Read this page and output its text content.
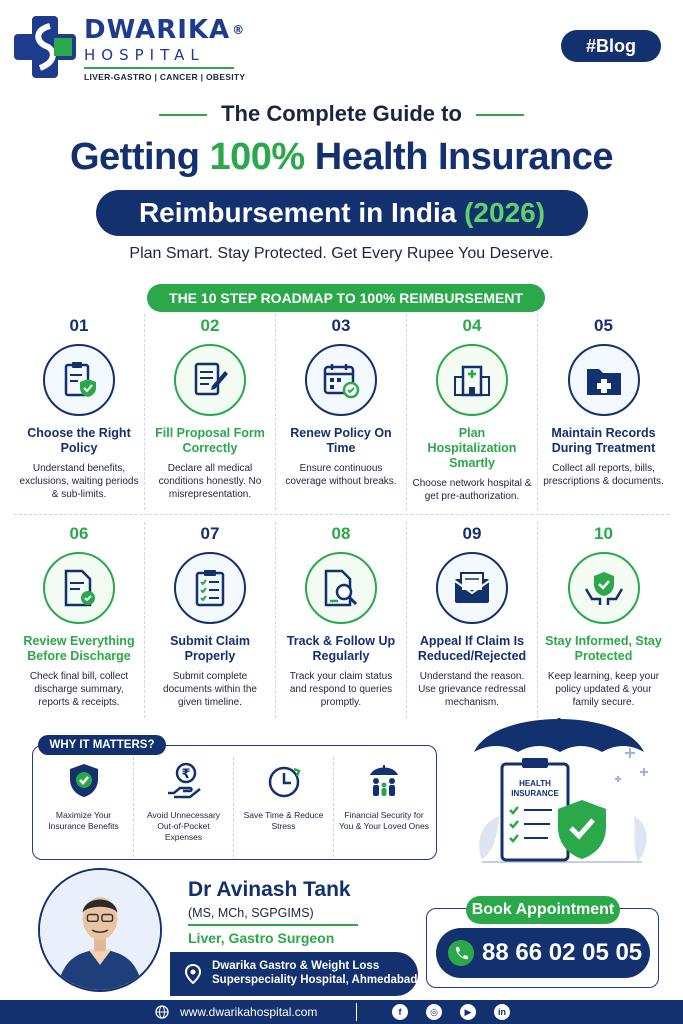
DWARIKA ®
HOSPITAL
LIVER-GASTRO | CANCER | OBESITY
#Blog
The Complete Guide to
Getting 100% Health Insurance
Reimbursement in India (2026)
Plan Smart. Stay Protected. Get Every Rupee You Deserve.
THE 10 STEP ROADMAP TO 100% REIMBURSEMENT
01
Choose the Right Policy
Understand benefits, exclusions, waiting periods & sub-limits.
02
Fill Proposal Form Correctly
Declare all medical conditions honestly. No misrepresentation.
03
Renew Policy On Time
Ensure continuous coverage without breaks.
04
Plan Hospitalization Smartly
Choose network hospital & get pre-authorization.
05
Maintain Records During Treatment
Collect all reports, bills, prescriptions & documents.
06
Review Everything Before Discharge
Check final bill, collect discharge summary, reports & receipts.
07
Submit Claim Properly
Submit complete documents within the given timeline.
08
Track & Follow Up Regularly
Track your claim status and respond to queries promptly.
09
Appeal If Claim Is Reduced/Rejected
Understand the reason. Use grievance redressal mechanism.
10
Stay Informed, Stay Protected
Keep learning, keep your policy updated & your family secure.
WHY IT MATTERS?
Maximize Your Insurance Benefits
₹
Avoid Unnecessary Out-of-Pocket Expenses
Save Time & Reduce Stress
Financial Security for You & Your Loved Ones
HEALTH
INSURANCE
Dr Avinash Tank
(MS, MCh, SGPGIMS)
Liver, Gastro Surgeon
Dwarika Gastro & Weight Loss
Superspeciality Hospital, Ahmedabad
Book Appointment
88 66 02 05 05
www.dwarikahospital.com	f	◎	▶	in
